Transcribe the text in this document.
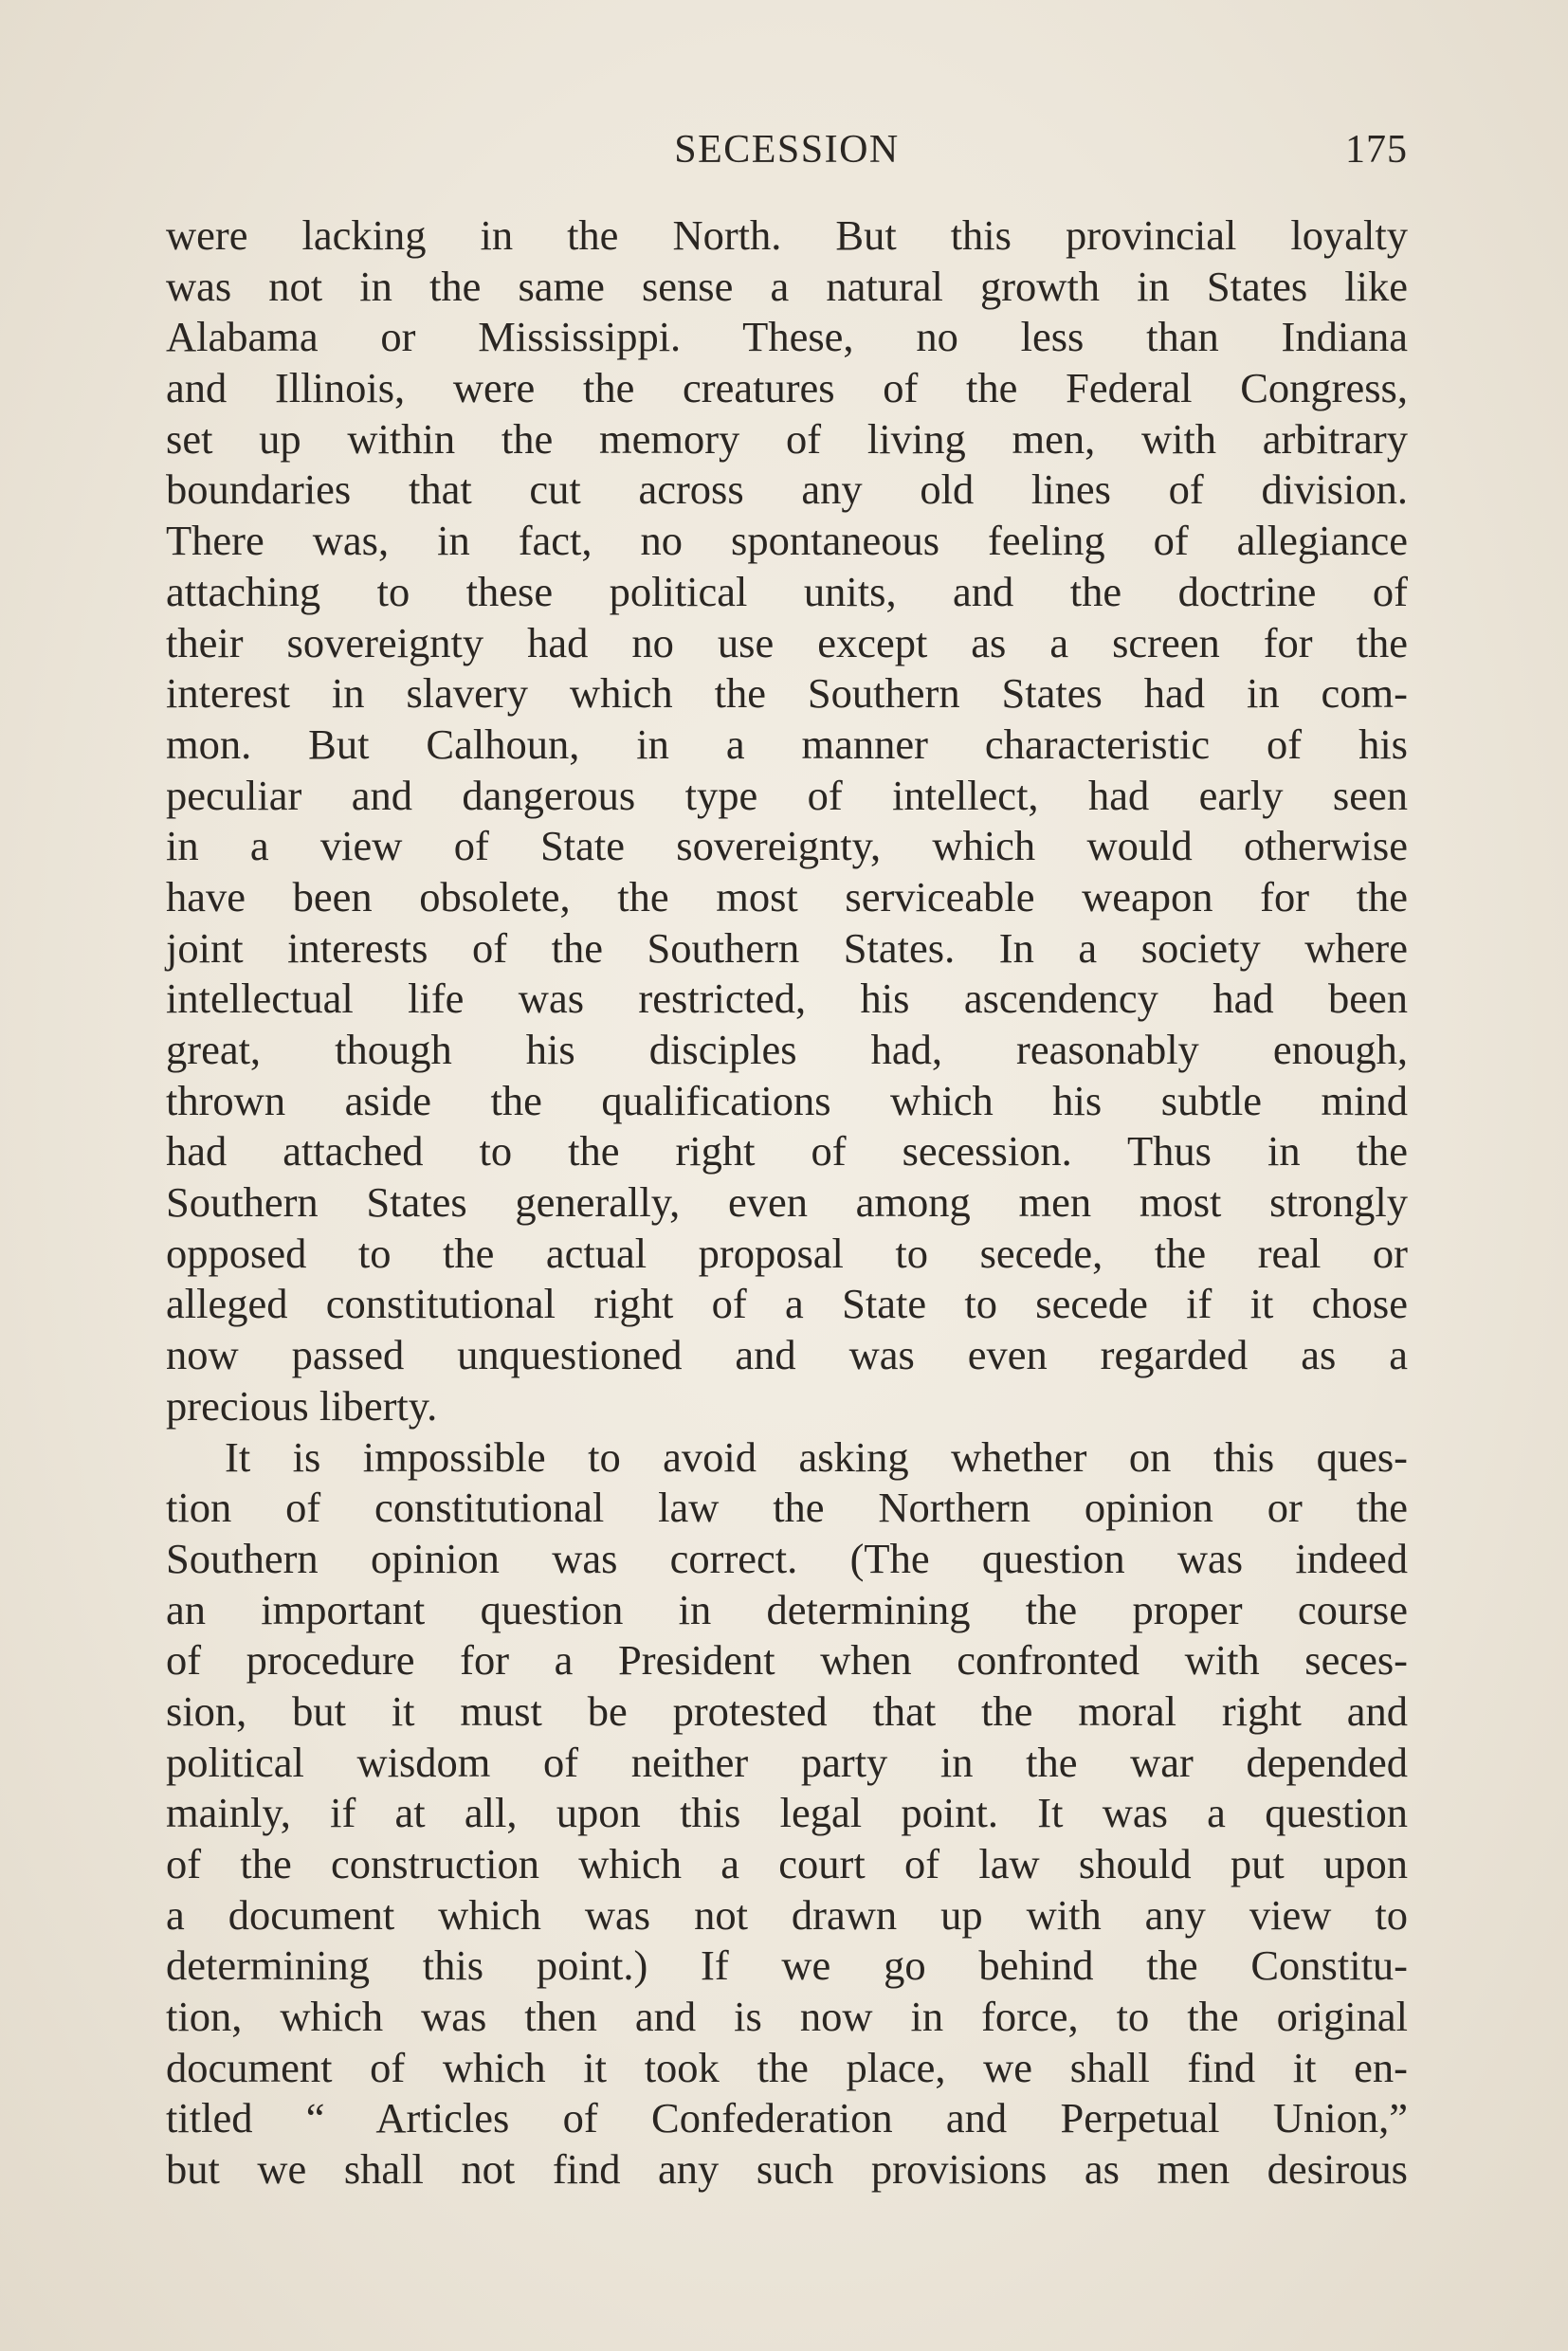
SECESSION	175
were lacking in the North. But this provincial loyalty
was not in the same sense a natural growth in States like
Alabama or Mississippi. These, no less than Indiana
and Illinois, were the creatures of the Federal Congress,
set up within the memory of living men, with arbitrary
boundaries that cut across any old lines of division.
There was, in fact, no spontaneous feeling of allegiance
attaching to these political units, and the doctrine of
their sovereignty had no use except as a screen for the
interest in slavery which the Southern States had in com-
mon. But Calhoun, in a manner characteristic of his
peculiar and dangerous type of intellect, had early seen
in a view of State sovereignty, which would otherwise
have been obsolete, the most serviceable weapon for the
joint interests of the Southern States. In a society where
intellectual life was restricted, his ascendency had been
great, though his disciples had, reasonably enough,
thrown aside the qualifications which his subtle mind
had attached to the right of secession. Thus in the
Southern States generally, even among men most strongly
opposed to the actual proposal to secede, the real or
alleged constitutional right of a State to secede if it chose
now passed unquestioned and was even regarded as a
precious liberty.
It is impossible to avoid asking whether on this ques-
tion of constitutional law the Northern opinion or the
Southern opinion was correct. (The question was indeed
an important question in determining the proper course
of procedure for a President when confronted with seces-
sion, but it must be protested that the moral right and
political wisdom of neither party in the war depended
mainly, if at all, upon this legal point. It was a question
of the construction which a court of law should put upon
a document which was not drawn up with any view to
determining this point.) If we go behind the Constitu-
tion, which was then and is now in force, to the original
document of which it took the place, we shall find it en-
titled “ Articles of Confederation and Perpetual Union,”
but we shall not find any such provisions as men desirous
